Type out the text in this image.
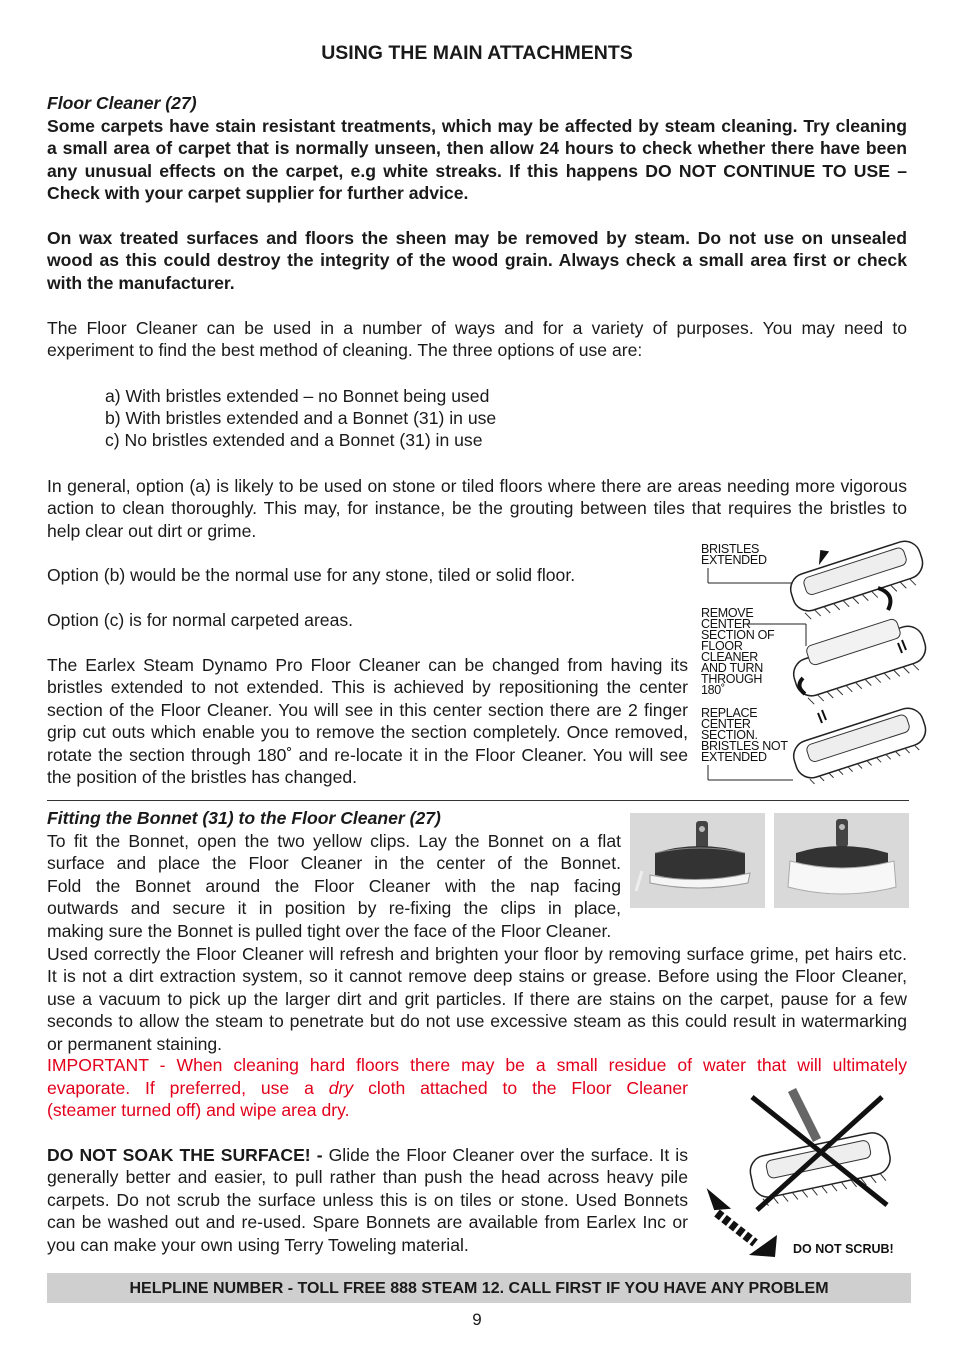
USING THE MAIN ATTACHMENTS
Floor Cleaner (27)
Some carpets have stain resistant treatments, which may be affected by steam cleaning. Try cleaning a small area of carpet that is normally unseen, then allow 24 hours to check whether there have been any unusual effects on the carpet, e.g white streaks. If this happens DO NOT CONTINUE TO USE – Check with your carpet supplier for further advice.
On wax treated surfaces and floors the sheen may be removed by steam. Do not use on unsealed wood as this could destroy the integrity of the wood grain. Always check a small area first or check with the manufacturer.
The Floor Cleaner can be used in a number of ways and for a variety of purposes. You may need to experiment to find the best method of cleaning. The three options of use are:
a) With bristles extended – no Bonnet being used
b) With bristles extended and a Bonnet (31) in use
c) No bristles extended and a Bonnet (31) in use
In general, option (a) is likely to be used on stone or tiled floors where there are areas needing more vigorous action to clean thoroughly. This may, for instance, be the grouting between tiles that requires the bristles to help clear out dirt or grime.
Option (b) would be the normal use for any stone, tiled or solid floor.
Option (c) is for normal carpeted areas.
The Earlex Steam Dynamo Pro Floor Cleaner can be changed from having its bristles extended to not extended. This is achieved by repositioning the center section of the Floor Cleaner. You will see in this center section there are 2 finger grip cut outs which enable you to remove the section completely. Once removed, rotate the section through 180˚ and re-locate it in the Floor Cleaner. You will see the position of the bristles has changed.
BRISTLES
EXTENDED
REMOVE
CENTER
SECTION OF
FLOOR
CLEANER
AND TURN
THROUGH
180˚
REPLACE
CENTER
SECTION.
BRISTLES NOT
EXTENDED
Fitting the Bonnet (31) to the Floor Cleaner (27)
To fit the Bonnet, open the two yellow clips. Lay the Bonnet on a flat
surface and place the Floor Cleaner in the center of the Bonnet.
Fold the Bonnet around the Floor Cleaner with the nap facing
outwards and secure it in position by re-fixing the clips in place,
making sure the Bonnet is pulled tight over the face of the Floor Cleaner.
Used correctly the Floor Cleaner will refresh and brighten your floor by removing surface grime, pet hairs etc. It is not a dirt extraction system, so it cannot remove deep stains or grease. Before using the Floor Cleaner, use a vacuum to pick up the larger dirt and grit particles. If there are stains on the carpet, pause for a few seconds to allow the steam to penetrate but do not use excessive steam as this could result in watermarking or permanent staining.
IMPORTANT - When cleaning hard floors there may be a small residue of water that will ultimately
evaporate. If preferred, use a dry cloth attached to the Floor Cleaner
(steamer turned off) and wipe area dry.
DO NOT SOAK THE SURFACE! - Glide the Floor Cleaner over the surface. It is generally better and easier, to pull rather than push the head across heavy pile carpets. Do not scrub the surface unless this is on tiles or stone. Used Bonnets can be washed out and re-used. Spare Bonnets are available from Earlex Inc or you can make your own using Terry Toweling material.	DO NOT SCRUB!
HELPLINE NUMBER - TOLL FREE 888 STEAM 12. CALL FIRST IF YOU HAVE ANY PROBLEM
9
